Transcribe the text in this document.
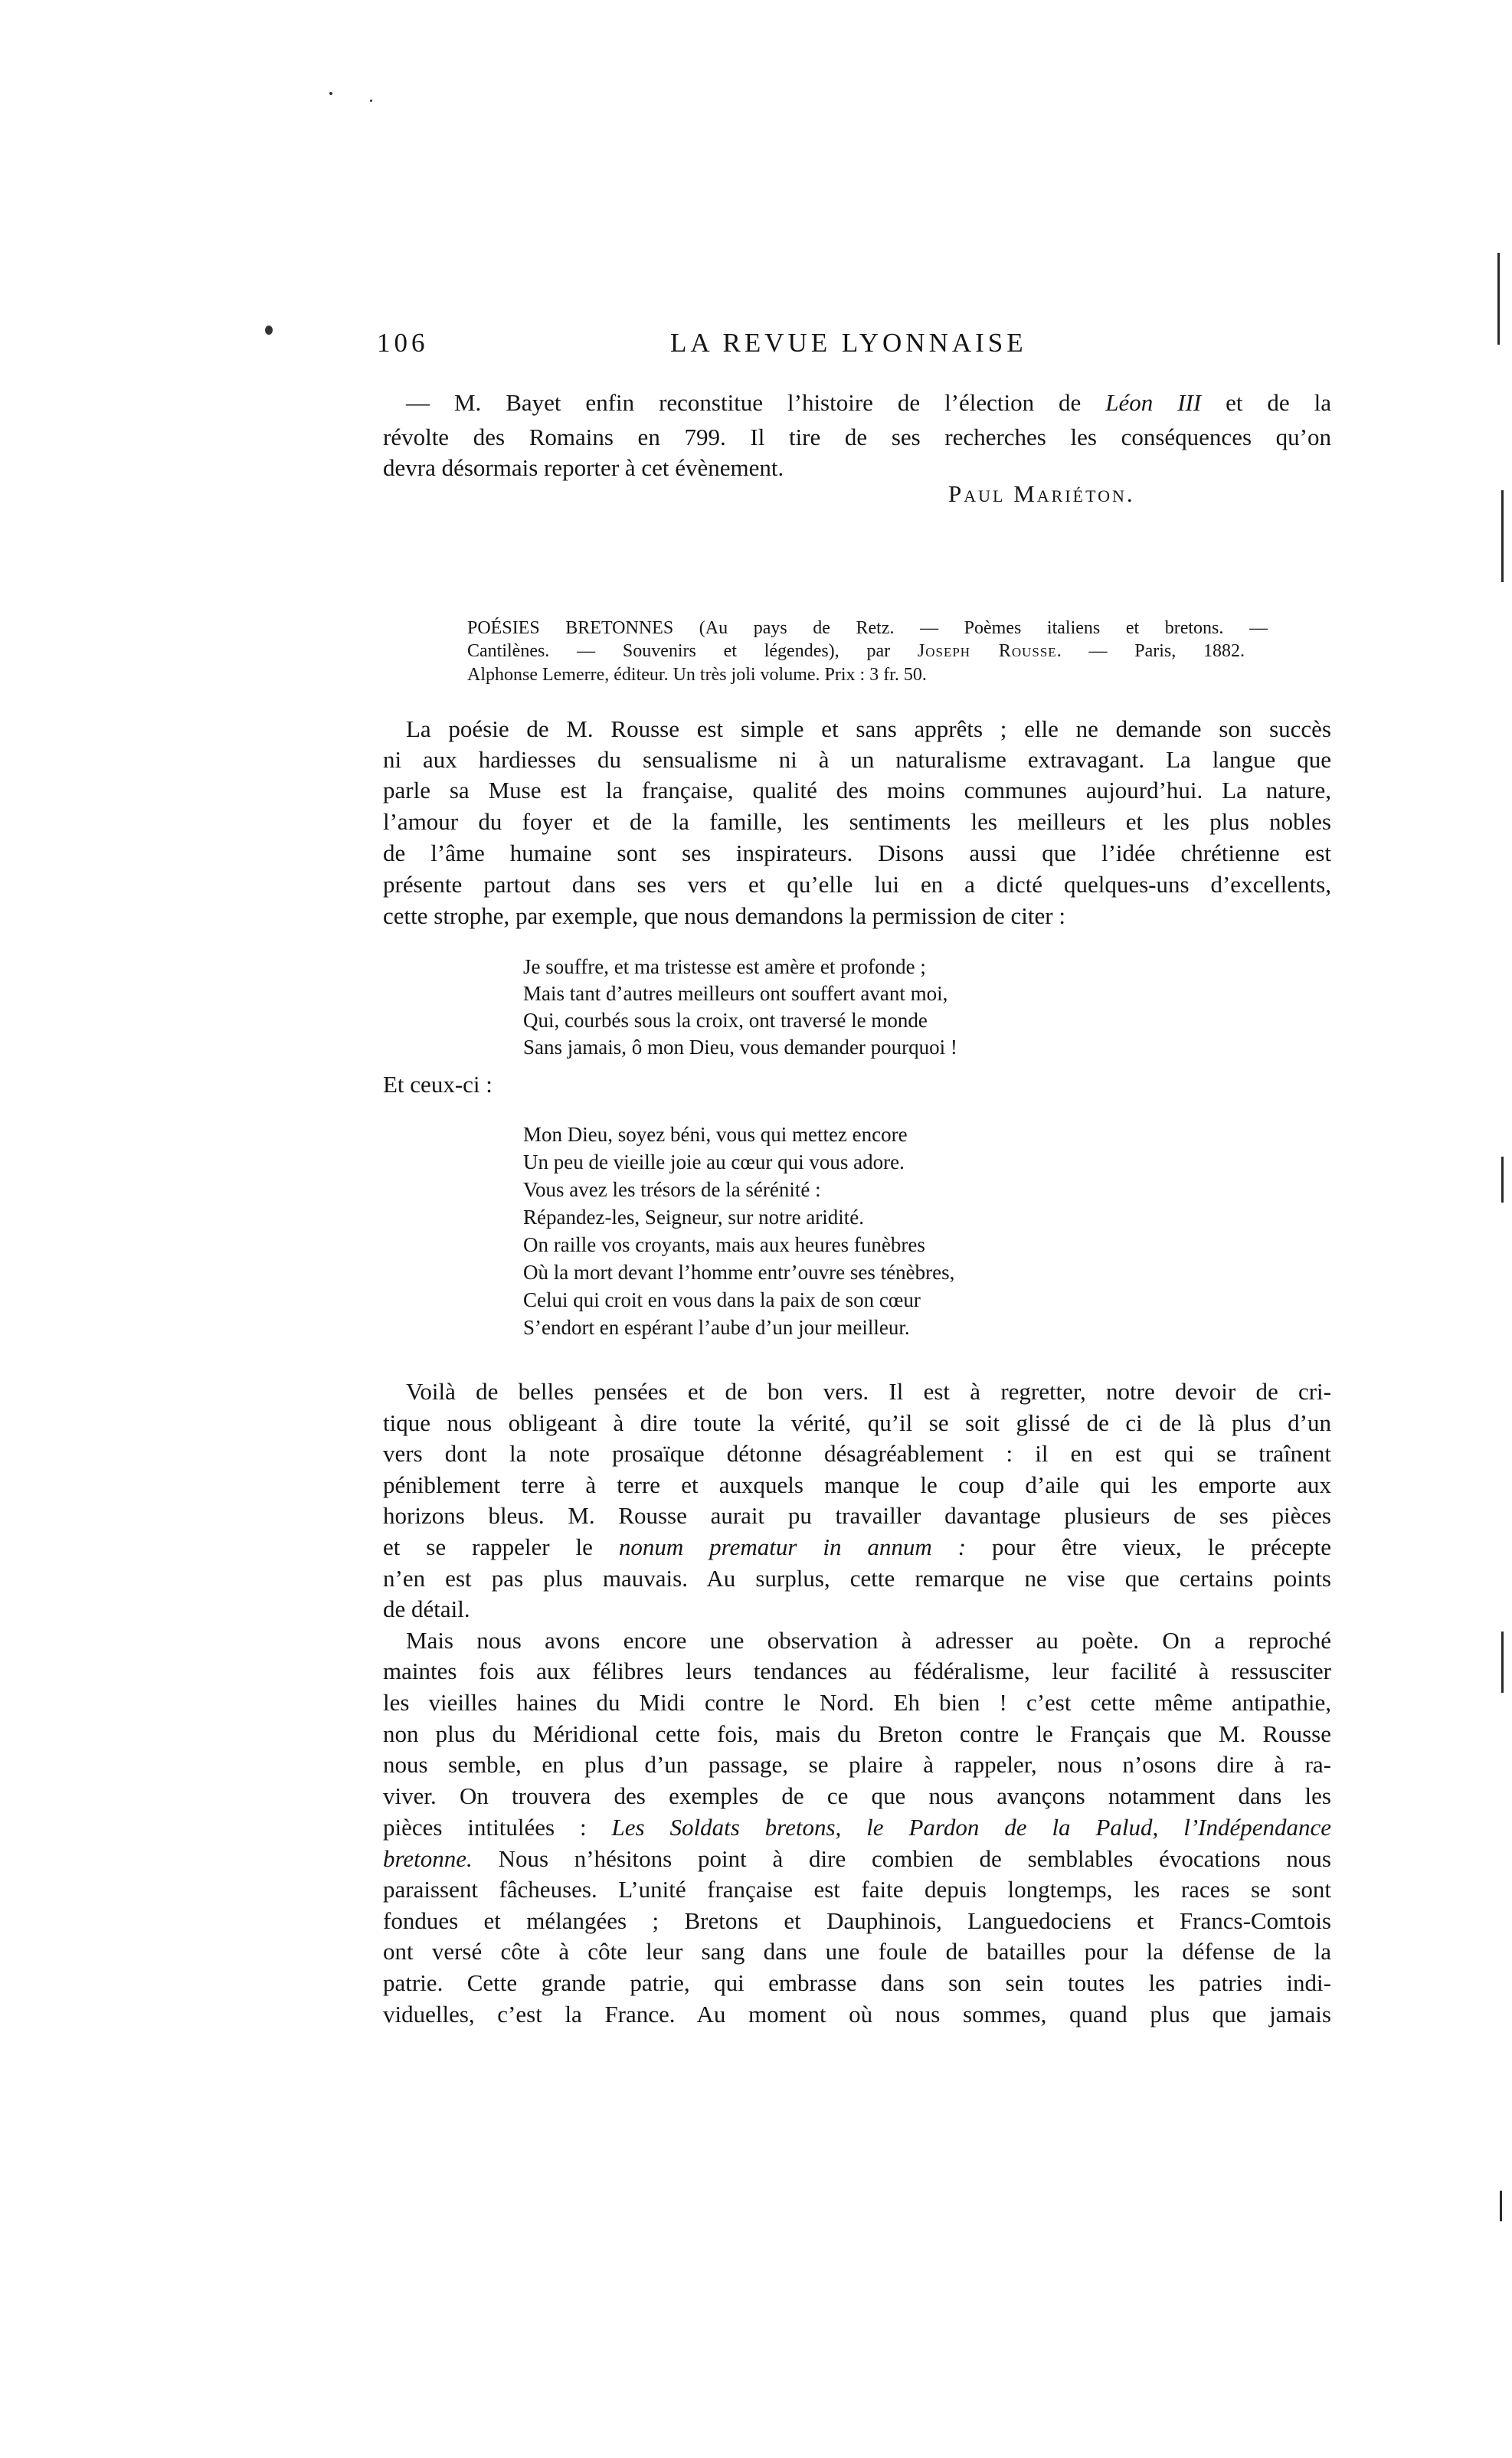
106	LA REVUE LYONNAISE
— M. Bayet enfin reconstitue l’histoire de l’élection de Léon III et de la
révolte des Romains en 799. Il tire de ses recherches les conséquences qu’on
devra désormais reporter à cet évènement.
Paul Mariéton.
POÉSIES BRETONNES (Au pays de Retz. — Poèmes italiens et bretons. —
Cantilènes. — Souvenirs et légendes), par Joseph Rousse. — Paris, 1882.
Alphonse Lemerre, éditeur. Un très joli volume. Prix : 3 fr. 50.
La poésie de M. Rousse est simple et sans apprêts ; elle ne demande son succès
ni aux hardiesses du sensualisme ni à un naturalisme extravagant. La langue que
parle sa Muse est la française, qualité des moins communes aujourd’hui. La nature,
l’amour du foyer et de la famille, les sentiments les meilleurs et les plus nobles
de l’âme humaine sont ses inspirateurs. Disons aussi que l’idée chrétienne est
présente partout dans ses vers et qu’elle lui en a dicté quelques-uns d’excellents,
cette strophe, par exemple, que nous demandons la permission de citer :
Je souffre, et ma tristesse est amère et profonde ;
Mais tant d’autres meilleurs ont souffert avant moi,
Qui, courbés sous la croix, ont traversé le monde
Sans jamais, ô mon Dieu, vous demander pourquoi !
Et ceux-ci :
Mon Dieu, soyez béni, vous qui mettez encore
Un peu de vieille joie au cœur qui vous adore.
Vous avez les trésors de la sérénité :
Répandez-les, Seigneur, sur notre aridité.
On raille vos croyants, mais aux heures funèbres
Où la mort devant l’homme entr’ouvre ses ténèbres,
Celui qui croit en vous dans la paix de son cœur
S’endort en espérant l’aube d’un jour meilleur.
Voilà de belles pensées et de bon vers. Il est à regretter, notre devoir de cri-
tique nous obligeant à dire toute la vérité, qu’il se soit glissé de ci de là plus d’un
vers dont la note prosaïque détonne désagréablement : il en est qui se traînent
péniblement terre à terre et auxquels manque le coup d’aile qui les emporte aux
horizons bleus. M. Rousse aurait pu travailler davantage plusieurs de ses pièces
et se rappeler le nonum prematur in annum : pour être vieux, le précepte
n’en est pas plus mauvais. Au surplus, cette remarque ne vise que certains points
de détail.
Mais nous avons encore une observation à adresser au poète. On a reproché
maintes fois aux félibres leurs tendances au fédéralisme, leur facilité à ressusciter
les vieilles haines du Midi contre le Nord. Eh bien ! c’est cette même antipathie,
non plus du Méridional cette fois, mais du Breton contre le Français que M. Rousse
nous semble, en plus d’un passage, se plaire à rappeler, nous n’osons dire à ra-
viver. On trouvera des exemples de ce que nous avançons notamment dans les
pièces intitulées : Les Soldats bretons, le Pardon de la Palud, l’Indépendance
bretonne. Nous n’hésitons point à dire combien de semblables évocations nous
paraissent fâcheuses. L’unité française est faite depuis longtemps, les races se sont
fondues et mélangées ; Bretons et Dauphinois, Languedociens et Francs-Comtois
ont versé côte à côte leur sang dans une foule de batailles pour la défense de la
patrie. Cette grande patrie, qui embrasse dans son sein toutes les patries indi-
viduelles, c’est la France. Au moment où nous sommes, quand plus que jamais
